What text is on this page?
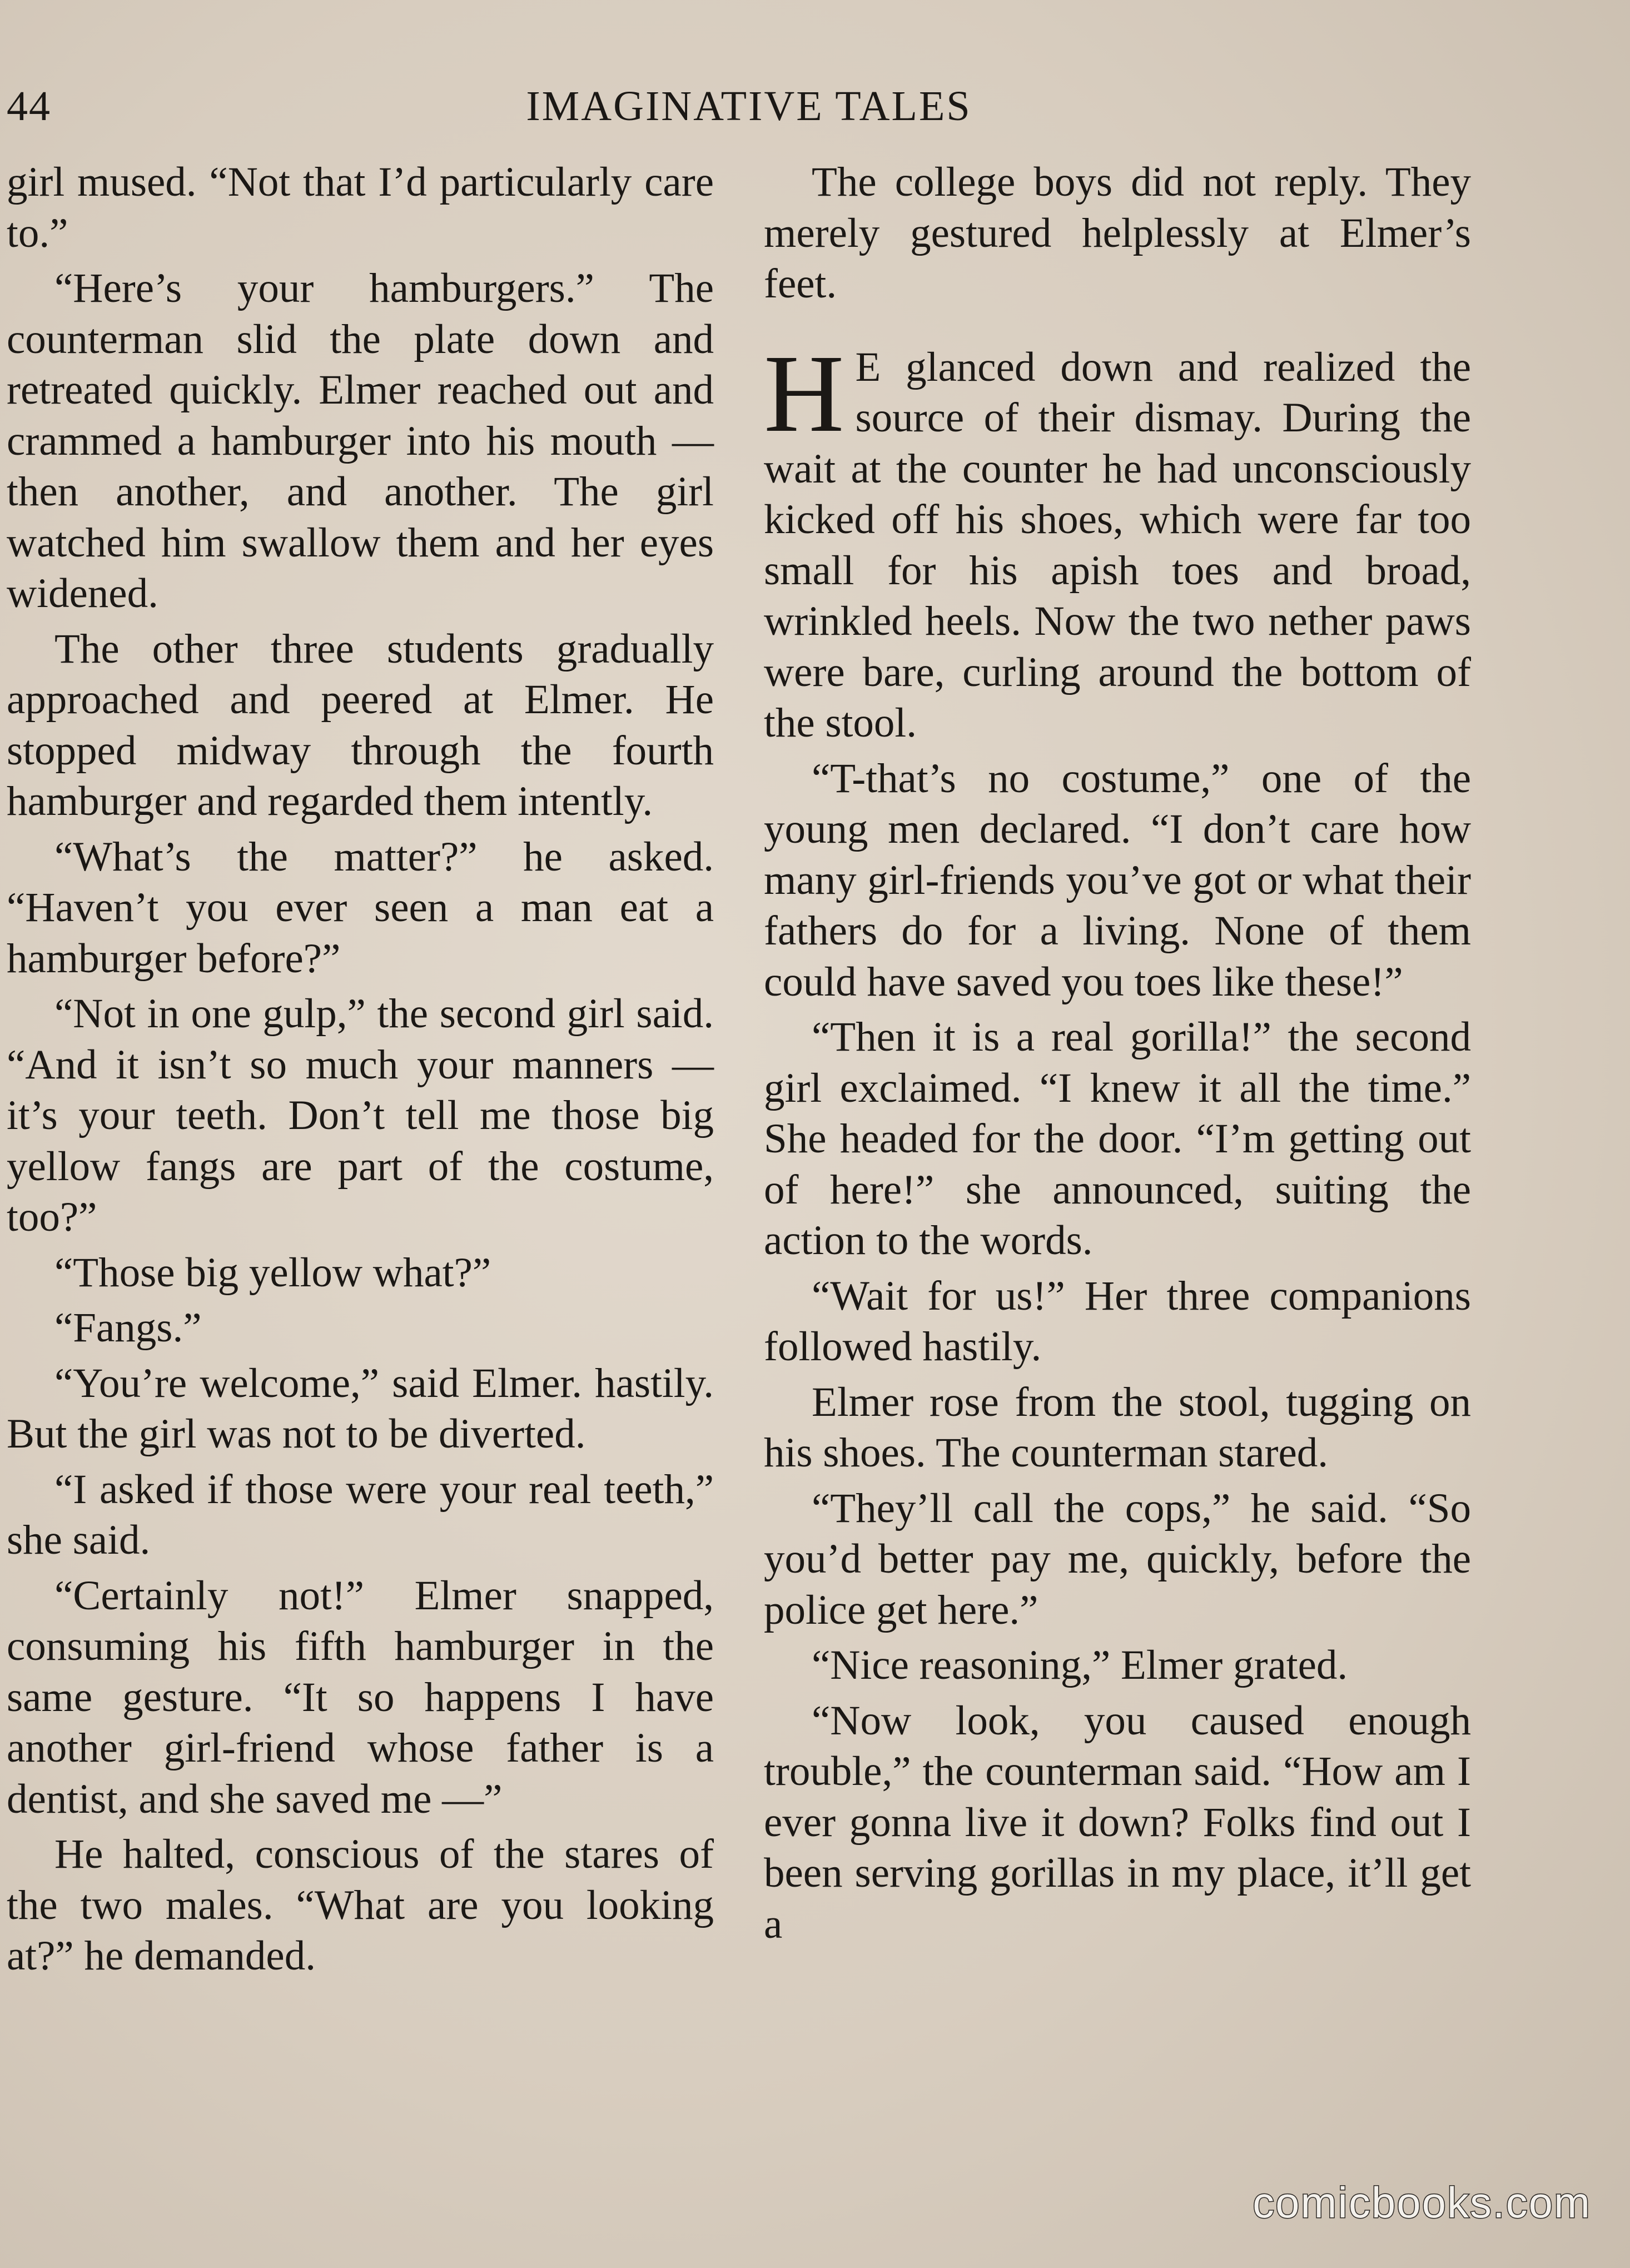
44	IMAGINATIVE TALES

girl mused. “Not that I’d particularly care to.”

“Here’s your hamburgers.” The counterman slid the plate down and retreated quickly. Elmer reached out and crammed a hamburger into his mouth — then another, and another. The girl watched him swallow them and her eyes widened.

The other three students gradually approached and peered at Elmer. He stopped midway through the fourth hamburger and regarded them intently.

“What’s the matter?” he asked. “Haven’t you ever seen a man eat a hamburger before?”

“Not in one gulp,” the second girl said. “And it isn’t so much your manners — it’s your teeth. Don’t tell me those big yellow fangs are part of the costume, too?”

“Those big yellow what?”

“Fangs.”

“You’re welcome,” said Elmer. hastily. But the girl was not to be diverted.

“I asked if those were your real teeth,” she said.

“Certainly not!” Elmer snapped, consuming his fifth hamburger in the same gesture. “It so happens I have another girl-friend whose father is a dentist, and she saved me —”

He halted, conscious of the stares of the two males. “What are you looking at?” he demanded.

The college boys did not reply. They merely gestured helplessly at Elmer’s feet.

H E glanced down and realized the source of their dismay. During the wait at the counter he had unconsciously kicked off his shoes, which were far too small for his apish toes and broad, wrinkled heels. Now the two nether paws were bare, curling around the bottom of the stool.

“T-that’s no costume,” one of the young men declared. “I don’t care how many girl-friends you’ve got or what their fathers do for a living. None of them could have saved you toes like these!”

“Then it is a real gorilla!” the second girl exclaimed. “I knew it all the time.” She headed for the door. “I’m getting out of here!” she announced, suiting the action to the words.

“Wait for us!” Her three companions followed hastily.

Elmer rose from the stool, tugging on his shoes. The counterman stared.

“They’ll call the cops,” he said. “So you’d better pay me, quickly, before the police get here.”

“Nice reasoning,” Elmer grated.

“Now look, you caused enough trouble,” the counterman said. “How am I ever gonna live it down? Folks find out I been serving gorillas in my place, it’ll get a

comicbooks.com
